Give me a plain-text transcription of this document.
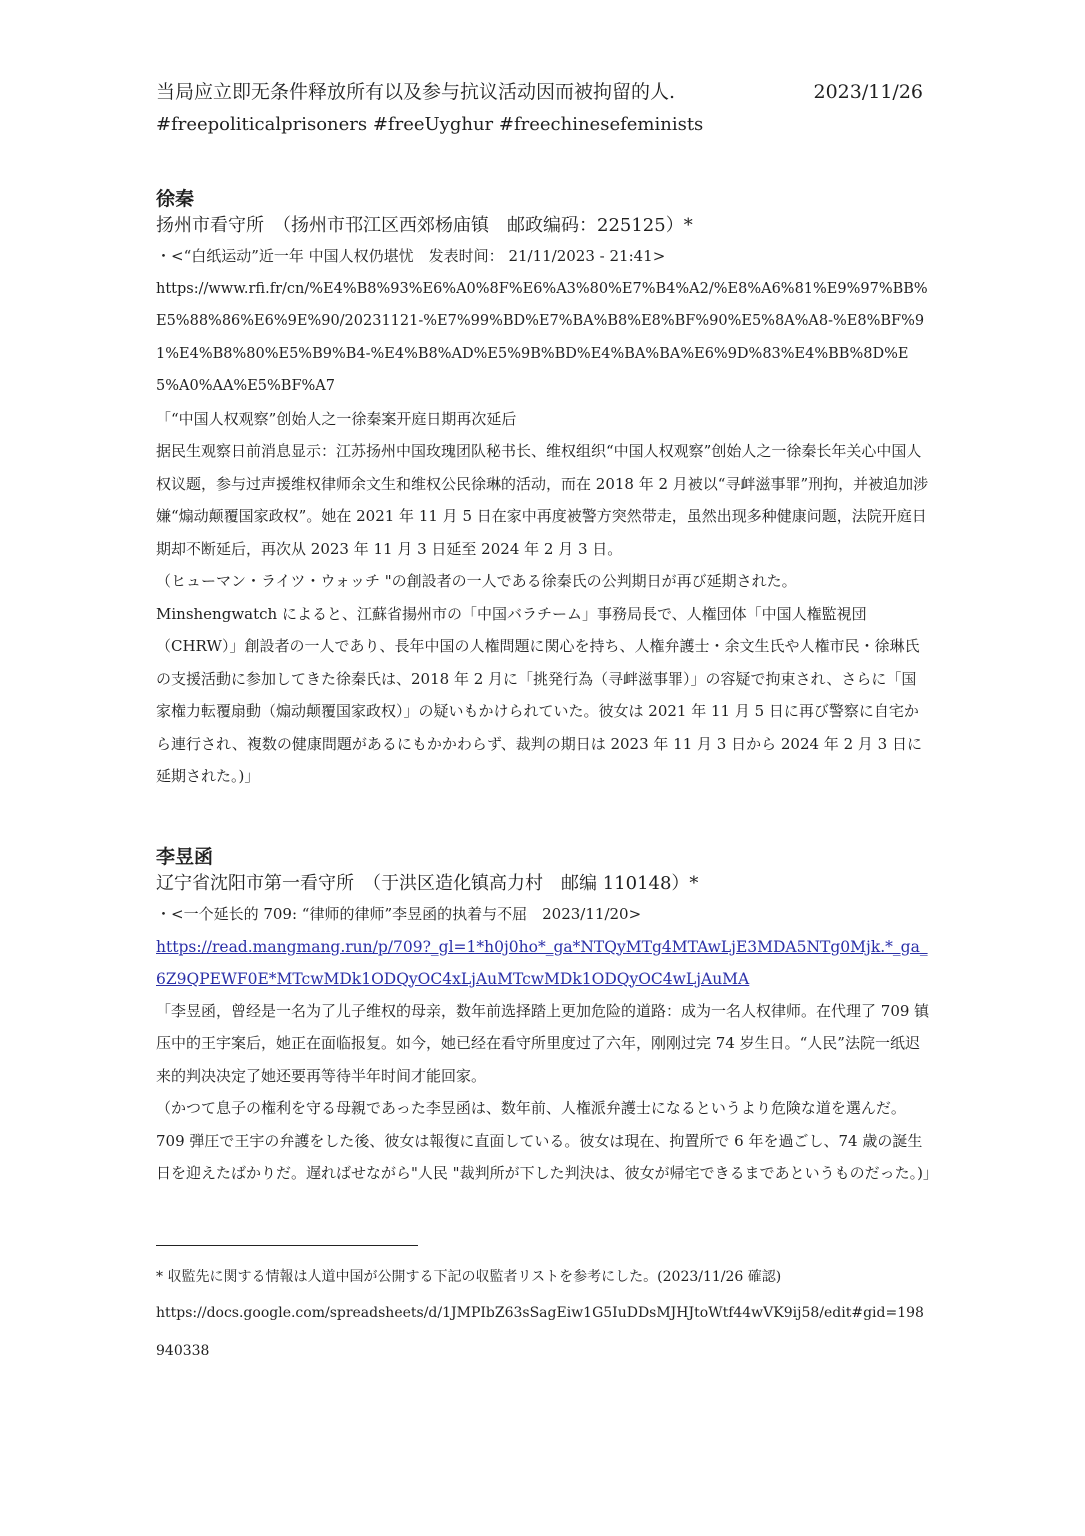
当局应立即无条件释放所有以及参与抗议活动因而被拘留的人.	2023/11/26
#freepoliticalprisoners #freeUyghur #freechinesefeminists
徐秦
扬州市看守所　（扬州市邗江区西郊杨庙镇　邮政编码：225125）*

・<“白纸运动”近一年 中国人权仍堪忧　发表时间： 21/11/2023 - 21:41>

https://www.rfi.fr/cn/%E4%B8%93%E6%A0%8F%E6%A3%80%E7%B4%A2/%E8%A6%81%E9%97%BB%E5%88%86%E6%9E%90/20231121-%E7%99%BD%E7%BA%B8%E8%BF%90%E5%8A%A8-%E8%BF%91%E4%B8%80%E5%B9%B4-%E4%B8%AD%E5%9B%BD%E4%BA%BA%E6%9D%83%E4%BB%8D%E5%A0%AA%E5%BF%A7

「“中国人权观察”创始人之一徐秦案开庭日期再次延后

据民生观察日前消息显示：江苏扬州中国玫瑰团队秘书长、维权组织“中国人权观察”创始人之一徐秦长年关心中国人权议题，参与过声援维权律师余文生和维权公民徐琳的活动，而在 2018 年 2 月被以“寻衅滋事罪”刑拘，并被追加涉嫌“煽动颠覆国家政权”。她在 2021 年 11 月 5 日在家中再度被警方突然带走，虽然出现多种健康问题，法院开庭日期却不断延后，再次从 2023 年 11 月 3 日延至 2024 年 2 月 3 日。

（ヒューマン・ライツ・ウォッチ "の創設者の一人である徐秦氏の公判期日が再び延期された。

Minshengwatch によると、江蘇省揚州市の「中国バラチーム」事務局長で、人権団体「中国人権監視団（CHRW）」創設者の一人であり、長年中国の人権問題に関心を持ち、人権弁護士・余文生氏や人権市民・徐琳氏の支援活動に参加してきた徐秦氏は、2018 年 2 月に「挑発行為（寻衅滋事罪）」の容疑で拘束され、さらに「国家権力転覆扇動（煽动颠覆国家政权）」の疑いもかけられていた。彼女は 2021 年 11 月 5 日に再び警察に自宅から連行され、複数の健康問題があるにもかかわらず、裁判の期日は 2023 年 11 月 3 日から 2024 年 2 月 3 日に延期された。)」

李昱函
辽宁省沈阳市第一看守所　（于洪区造化镇高力村　邮编 110148）*

・<一个延长的 709: “律师的律师”李昱函的执着与不屈　2023/11/20>

https://read.mangmang.run/p/709?_gl=1*h0j0ho*_ga*NTQyMTg4MTAwLjE3MDA5NTg0Mjk.*_ga_6Z9QPEWF0E*MTcwMDk1ODQyOC4xLjAuMTcwMDk1ODQyOC4wLjAuMA

「李昱函，曾经是一名为了儿子维权的母亲，数年前选择踏上更加危险的道路：成为一名人权律师。在代理了 709 镇压中的王宇案后，她正在面临报复。如今，她已经在看守所里度过了六年，刚刚过完 74 岁生日。“人民”法院一纸迟来的判决决定了她还要再等待半年时间才能回家。

（かつて息子の権利を守る母親であった李昱函は、数年前、人権派弁護士になるというより危険な道を選んだ。709 弾圧で王宇の弁護をした後、彼女は報復に直面している。彼女は現在、拘置所で 6 年を過ごし、74 歳の誕生日を迎えたばかりだ。遅ればせながら"人民 "裁判所が下した判決は、彼女が帰宅できるまであというものだった。)」

* 収監先に関する情報は人道中国が公開する下記の収監者リストを参考にした。(2023/11/26 確認)
https://docs.google.com/spreadsheets/d/1JMPIbZ63sSagEiw1G5IuDDsMJHJtoWtf44wVK9ij58/edit#gid=198940338
